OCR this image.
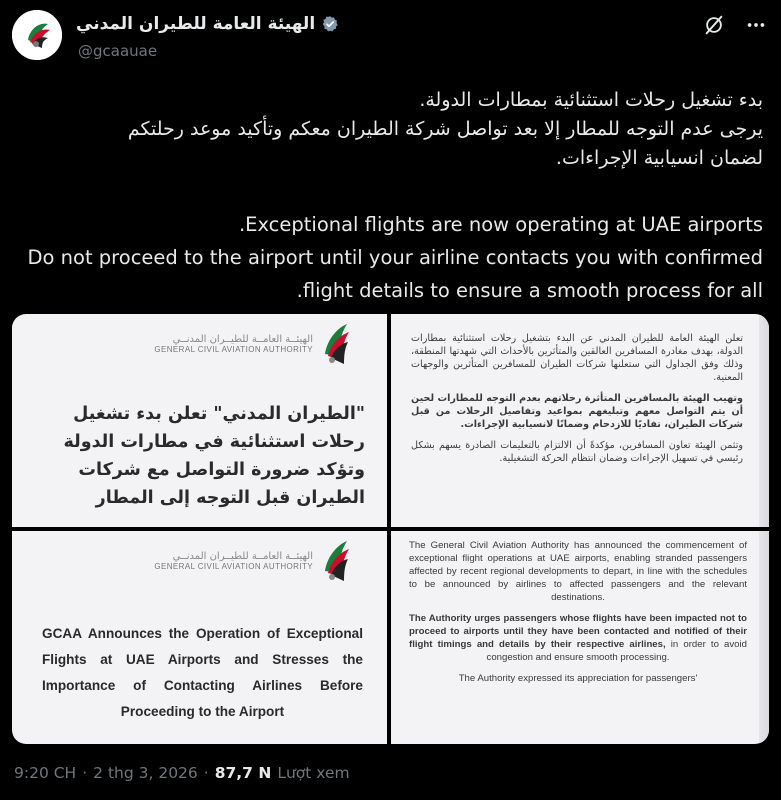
الهيئة العامة للطيران المدني
@gcaauae
بدء تشغيل رحلات استثنائية بمطارات الدولة.
يرجى عدم التوجه للمطار إلا بعد تواصل شركة الطيران معكم وتأكيد موعد رحلتكم
لضمان انسيابية الإجراءات.
Exceptional flights are now operating at UAE airports.
Do not proceed to the airport until your airline contacts you with confirmed
flight details to ensure a smooth process for all.
الهيئــة العامــة للطيــران المدنــي
GENERAL CIVIL AVIATION AUTHORITY
"الطيران المدني" تعلن بدء تشغيل رحلات استثنائية في مطارات الدولة وتؤكد ضرورة التواصل مع شركات الطيران قبل التوجه إلى المطار

تعلن الهيئة العامة للطيران المدني عن البدء بتشغيل رحلات استثنائية بمطارات الدولة، بهدف مغادرة المسافرين العالقين والمتأثرين بالأحداث التي شهدتها المنطقة، وذلك وفق الجداول التي ستعلنها شركات الطيران للمسافرين المتأثرين والوجهات المعنية.

وتهيب الهيئة بالمسافرين المتأثرة رحلاتهم بعدم التوجه للمطارات لحين أن يتم التواصل معهم وتبليغهم بمواعيد وتفاصيل الرحلات من قبل شركات الطيران، تفاديًا للازدحام وضمانًا لانسيابية الإجراءات.

وتثمن الهيئة تعاون المسافرين، مؤكدةً أن الالتزام بالتعليمات الصادرة يسهم بشكل رئيسي في تسهيل الإجراءات وضمان انتظام الحركة التشغيلية.

الهيئــة العامــة للطيــران المدنــي
GENERAL CIVIL AVIATION AUTHORITY
GCAA Announces the Operation of Exceptional Flights at UAE Airports and Stresses the Importance of Contacting Airlines Before Proceeding to the Airport

The General Civil Aviation Authority has announced the commencement of exceptional flight operations at UAE airports, enabling stranded passengers affected by recent regional developments to depart, in line with the schedules to be announced by airlines to affected passengers and the relevant destinations.

The Authority urges passengers whose flights have been impacted not to proceed to airports until they have been contacted and notified of their flight timings and details by their respective airlines, in order to avoid congestion and ensure smooth processing.

The Authority expressed its appreciation for passengers'

9:20 CH · 2 thg 3, 2026 · 87,7 N Lượt xem
